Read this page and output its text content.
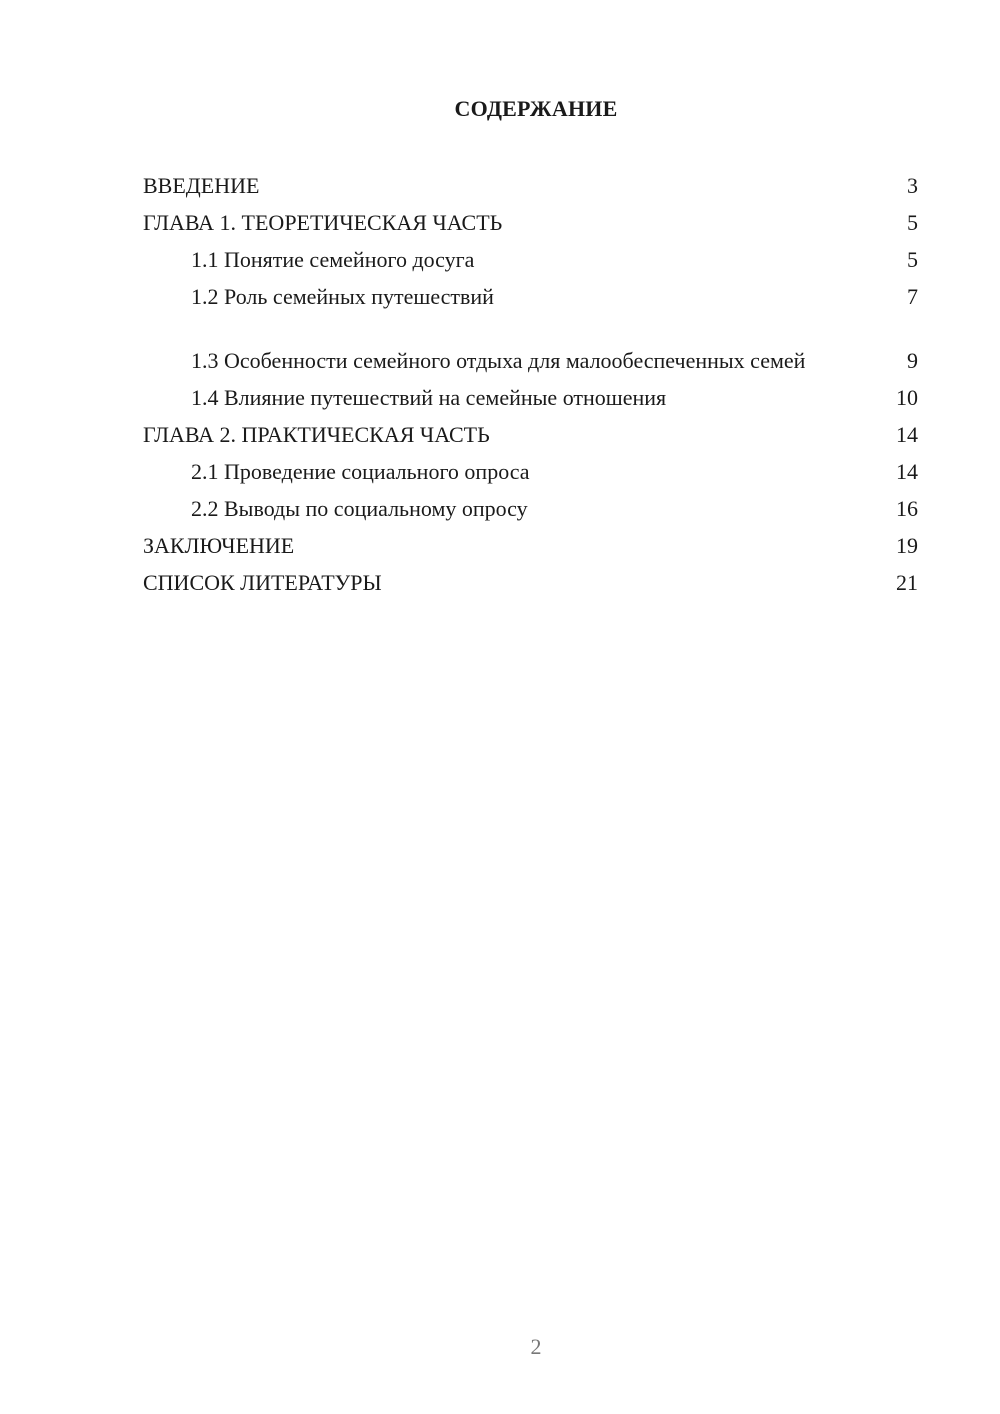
СОДЕРЖАНИЕ
ВВЕДЕНИЕ	3
ГЛАВА 1. ТЕОРЕТИЧЕСКАЯ ЧАСТЬ	5
1.1 Понятие семейного досуга	5
1.2 Роль семейных путешествий	7
1.3 Особенности семейного отдыха для малообеспеченных семей	9
1.4 Влияние путешествий на семейные отношения	10
ГЛАВА 2. ПРАКТИЧЕСКАЯ ЧАСТЬ	14
2.1 Проведение социального опроса	14
2.2 Выводы по социальному опросу	16
ЗАКЛЮЧЕНИЕ	19
СПИСОК ЛИТЕРАТУРЫ	21
2
